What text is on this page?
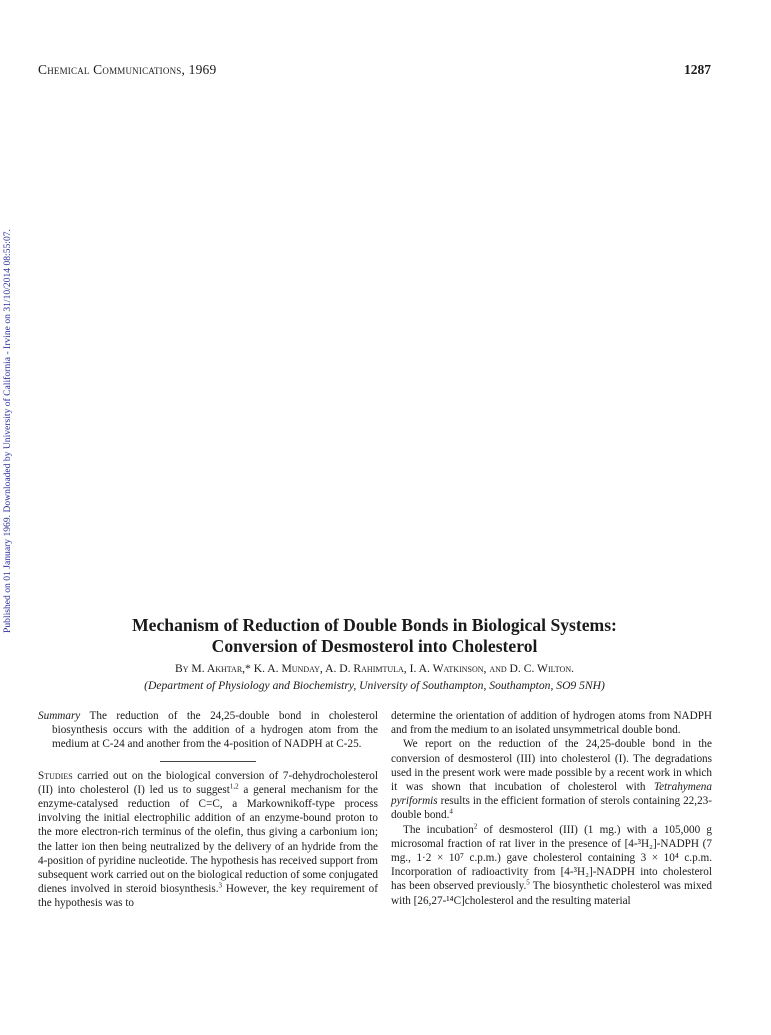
Chemical Communications, 1969	1287
Published on 01 January 1969. Downloaded by University of California - Irvine on 31/10/2014 08:55:07.	Mechanism of Reduction of Double Bonds in Biological Systems:
Conversion of Desmosterol into Cholesterol
By M. Akhtar,* K. A. Munday, A. D. Rahimtula, I. A. Watkinson, and D. C. Wilton.
(Department of Physiology and Biochemistry, University of Southampton, Southampton, SO9 5NH)

Summary The reduction of the 24,25-double bond in cholesterol biosynthesis occurs with the addition of a hydrogen atom from the medium at C-24 and another from the 4-position of NADPH at C-25.

Studies carried out on the biological conversion of 7-dehydrocholesterol (II) into cholesterol (I) led us to suggest$^{1,2}$ a general mechanism for the enzyme-catalysed reduction of C=C, a Markownikoff-type process involving the initial electrophilic addition of an enzyme-bound proton to the more electron-rich terminus of the olefin, thus giving a carbonium ion; the latter ion then being neutralized by the delivery of an hydride from the 4-position of pyridine nucleotide. The hypothesis has received support from subsequent work carried out on the biological reduction of some conjugated dienes involved in steroid biosynthesis.$^3$ However, the key requirement of the hypothesis was to

determine the orientation of addition of hydrogen atoms from NADPH and from the medium to an isolated unsymmetrical double bond.

We report on the reduction of the 24,25-double bond in the conversion of desmosterol (III) into cholesterol (I). The degradations used in the present work were made possible by a recent work in which it was shown that incubation of cholesterol with Tetrahymena pyriformis results in the efficient formation of sterols containing 22,23-double bond.$^4$

The incubation$^2$ of desmosterol (III) (1 mg.) with a 105,000 g microsomal fraction of rat liver in the presence of [4-³H₂]-NADPH (7 mg., 1·2 × 10⁷ c.p.m.) gave cholesterol containing 3 × 10⁴ c.p.m. Incorporation of radioactivity from [4-³H₂]-NADPH into cholesterol has been observed previously.$^5$ The biosynthetic cholesterol was mixed with [26,27-¹⁴C]cholesterol and the resulting material
